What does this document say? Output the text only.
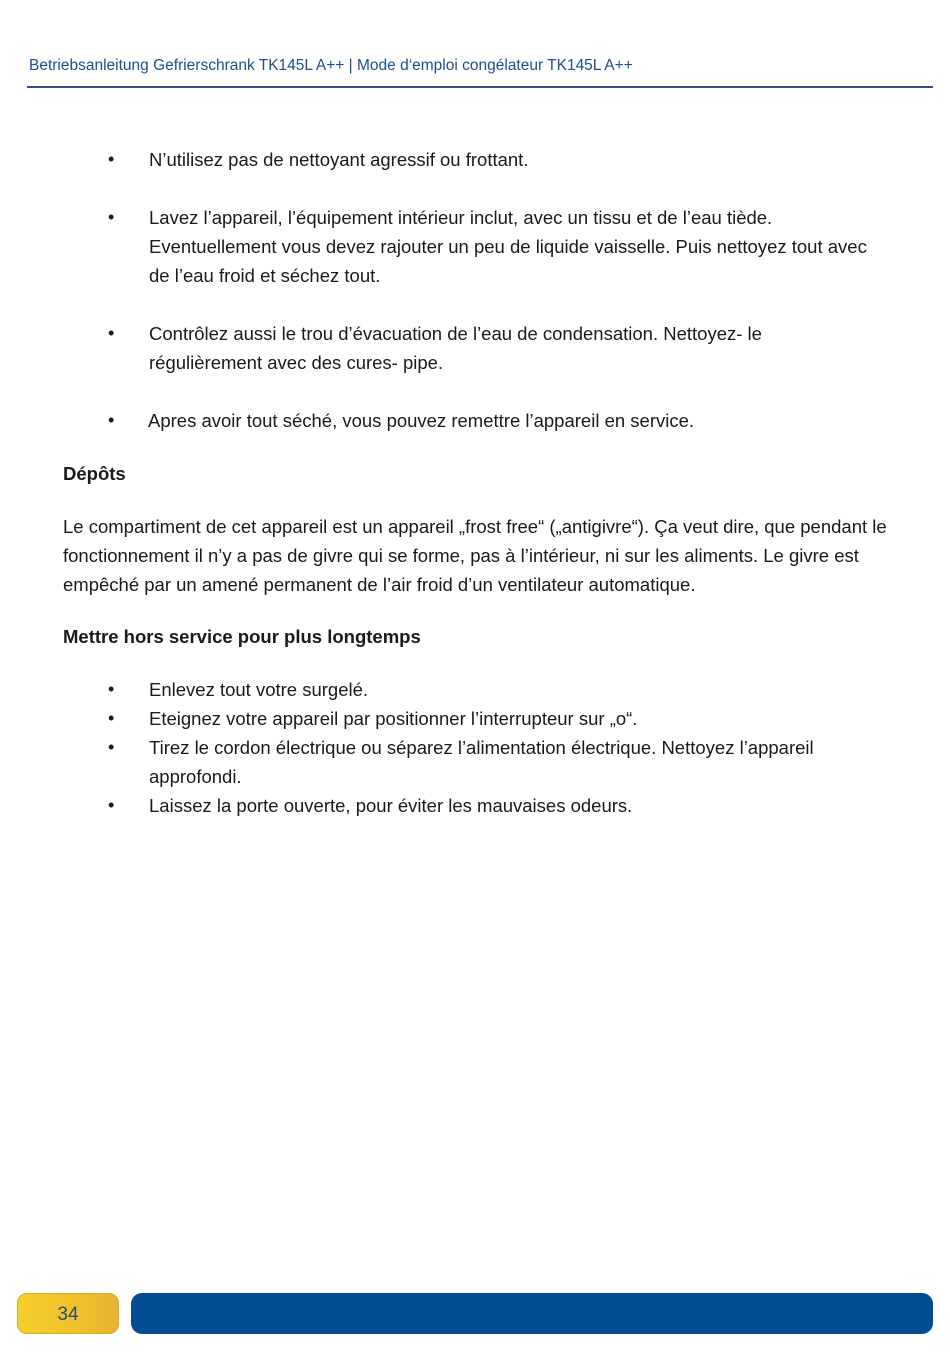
Betriebsanleitung Gefrierschrank TK145L A++ | Mode d‘emploi congélateur TK145L A++
• N’utilisez pas de nettoyant agressif ou frottant.
• Lavez l’appareil, l’équipement intérieur inclut, avec un tissu et de l’eau tiède. Eventuellement vous devez rajouter un peu de liquide vaisselle. Puis nettoyez tout avec de l’eau froid et séchez tout.
• Contrôlez aussi le trou d’évacuation de l’eau de condensation. Nettoyez- le régulièrement avec des cures- pipe.
• Apres avoir tout séché, vous pouvez remettre l’appareil en service.
Dépôts
Le compartiment de cet appareil est un appareil „frost free“ („antigivre“). Ça veut dire, que pendant le fonctionnement il n’y a pas de givre qui se forme, pas à l’intérieur, ni sur les aliments. Le givre est empêché par un amené permanent de l’air froid d’un ventilateur automatique.
Mettre hors service pour plus longtemps
• Enlevez tout votre surgelé.
• Eteignez votre appareil par positionner l’interrupteur sur „o“.
• Tirez le cordon électrique ou séparez l’alimentation électrique. Nettoyez l’appareil approfondi.
• Laissez la porte ouverte, pour éviter les mauvaises odeurs.
34
